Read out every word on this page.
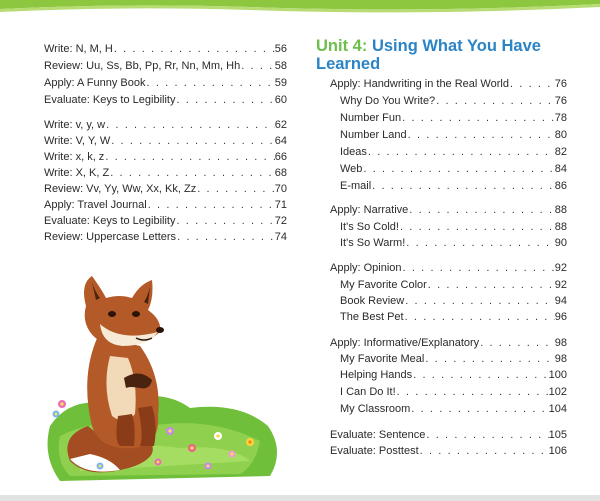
Write: N, M, H . . .	56
Review: Uu, Ss, Bb, Pp, Rr, Nn, Mm, Hh . . .	58
Apply: A Funny Book . . .	59
Evaluate: Keys to Legibility . . .	60
Write: v, y, w . . .	62
Write: V, Y, W . . .	64
Write: x, k, z . . .	66
Write: X, K, Z . . .	68
Review: Vv, Yy, Ww, Xx, Kk, Zz . . .	70
Apply: Travel Journal . . .	71
Evaluate: Keys to Legibility . . .	72
Review: Uppercase Letters . . .	74
Unit 4: Using What You Have Learned
Apply: Handwriting in the Real World . . .	76
Why Do You Write? . . .	76
Number Fun . . .	78
Number Land . . .	80
Ideas . . .	82
Web . . .	84
E-mail . . .	86
Apply: Narrative . . .	88
It's So Cold! . . .	88
It's So Warm! . . .	90
Apply: Opinion . . .	92
My Favorite Color . . .	92
Book Review . . .	94
The Best Pet . . .	96
Apply: Informative/Explanatory . . .	98
My Favorite Meal . . .	98
Helping Hands . . .	100
I Can Do It! . . .	102
My Classroom . . .	104
Evaluate: Sentence . . .	105
Evaluate: Posttest . . .	106
